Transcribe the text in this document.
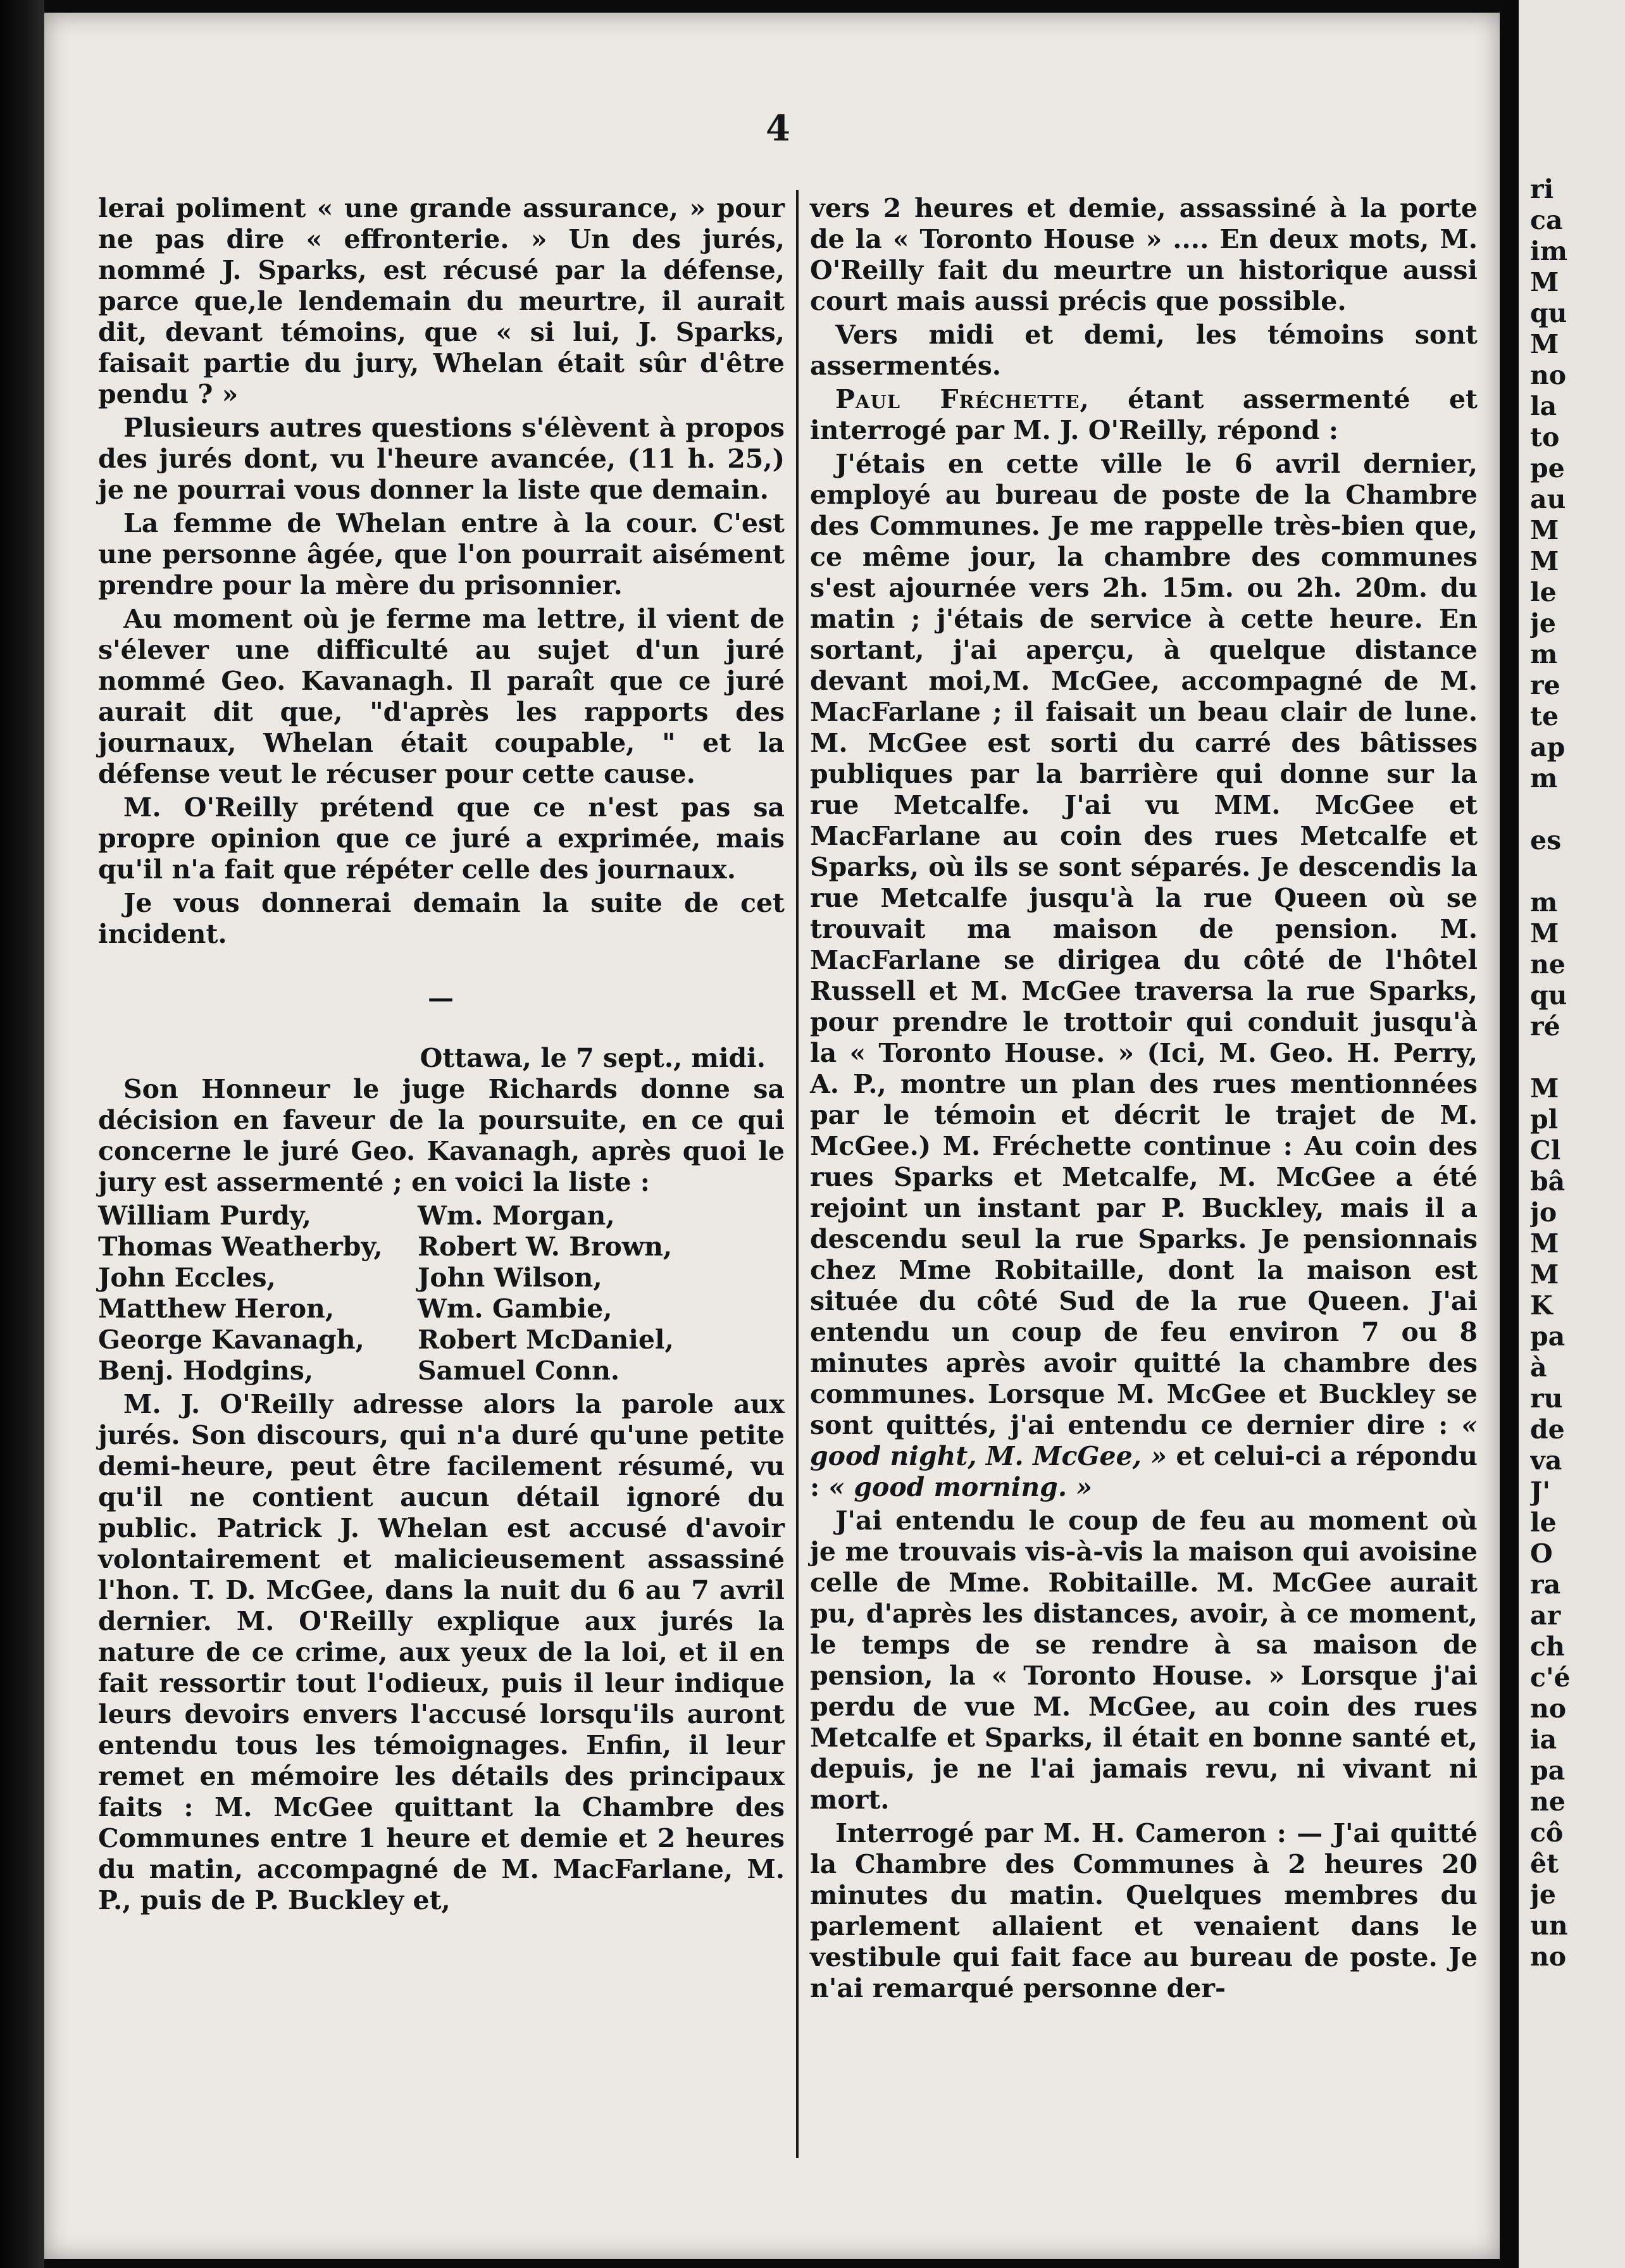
4

lerai poliment « une grande assurance, » pour ne pas dire « effronterie. » Un des jurés, nommé J. Sparks, est récusé par la défense, parce que,le lendemain du meurtre, il aurait dit, devant témoins, que « si lui, J. Sparks, faisait partie du jury, Whelan était sûr d'être pendu ? »

Plusieurs autres questions s'élèvent à propos des jurés dont, vu l'heure avancée, (11 h. 25,) je ne pourrai vous donner la liste que demain.

La femme de Whelan entre à la cour. C'est une personne âgée, que l'on pourrait aisément prendre pour la mère du prisonnier.

Au moment où je ferme ma lettre, il vient de s'élever une difficulté au sujet d'un juré nommé Geo. Kavanagh. Il paraît que ce juré aurait dit que, "d'après les rapports des journaux, Whelan était coupable, " et la défense veut le récuser pour cette cause.

M. O'Reilly prétend que ce n'est pas sa propre opinion que ce juré a exprimée, mais qu'il n'a fait que répéter celle des journaux.

Je vous donnerai demain la suite de cet incident.

—

Ottawa, le 7 sept., midi.

Son Honneur le juge Richards donne sa décision en faveur de la poursuite, en ce qui concerne le juré Geo. Kavanagh, après quoi le jury est assermenté ; en voici la liste :

William Purdy,	Wm. Morgan,
Thomas Weatherby,	Robert W. Brown,
John Eccles,	John Wilson,
Matthew Heron,	Wm. Gambie,
George Kavanagh,	Robert McDaniel,
Benj. Hodgins,	Samuel Conn.

M. J. O'Reilly adresse alors la parole aux jurés. Son discours, qui n'a duré qu'une petite demi-heure, peut être facilement résumé, vu qu'il ne contient aucun détail ignoré du public. Patrick J. Whelan est accusé d'avoir volontairement et malicieusement assassiné l'hon. T. D. McGee, dans la nuit du 6 au 7 avril dernier. M. O'Reilly explique aux jurés la nature de ce crime, aux yeux de la loi, et il en fait ressortir tout l'odieux, puis il leur indique leurs devoirs envers l'accusé lorsqu'ils auront entendu tous les témoignages. Enfin, il leur remet en mémoire les détails des principaux faits : M. McGee quittant la Chambre des Communes entre 1 heure et demie et 2 heures du matin, accompagné de M. MacFarlane, M. P., puis de P. Buckley et,

vers 2 heures et demie, assassiné à la porte de la « Toronto House » .... En deux mots, M. O'Reilly fait du meurtre un historique aussi court mais aussi précis que possible.

Vers midi et demi, les témoins sont assermentés.

Paul Fréchette, étant assermenté et interrogé par M. J. O'Reilly, répond :

J'étais en cette ville le 6 avril dernier, employé au bureau de poste de la Chambre des Communes. Je me rappelle très-bien que, ce même jour, la chambre des communes s'est ajournée vers 2h. 15m. ou 2h. 20m. du matin ; j'étais de service à cette heure. En sortant, j'ai aperçu, à quelque distance devant moi,M. McGee, accompagné de M. MacFarlane ; il faisait un beau clair de lune. M. McGee est sorti du carré des bâtisses publiques par la barrière qui donne sur la rue Metcalfe. J'ai vu MM. McGee et MacFarlane au coin des rues Metcalfe et Sparks, où ils se sont séparés. Je descendis la rue Metcalfe jusqu'à la rue Queen où se trouvait ma maison de pension. M. MacFarlane se dirigea du côté de l'hôtel Russell et M. McGee traversa la rue Sparks, pour prendre le trottoir qui conduit jusqu'à la « Toronto House. » (Ici, M. Geo. H. Perry, A. P., montre un plan des rues mentionnées par le témoin et décrit le trajet de M. McGee.) M. Fréchette continue : Au coin des rues Sparks et Metcalfe, M. McGee a été rejoint un instant par P. Buckley, mais il a descendu seul la rue Sparks. Je pensionnais chez Mme Robitaille, dont la maison est située du côté Sud de la rue Queen. J'ai entendu un coup de feu environ 7 ou 8 minutes après avoir quitté la chambre des communes. Lorsque M. McGee et Buckley se sont quittés, j'ai entendu ce dernier dire : « good night, M. McGee, » et celui-ci a répondu : « good morning. »

J'ai entendu le coup de feu au moment où je me trouvais vis-à-vis la maison qui avoisine celle de Mme. Robitaille. M. McGee aurait pu, d'après les distances, avoir, à ce moment, le temps de se rendre à sa maison de pension, la « Toronto House. » Lorsque j'ai perdu de vue M. McGee, au coin des rues Metcalfe et Sparks, il était en bonne santé et, depuis, je ne l'ai jamais revu, ni vivant ni mort.

Interrogé par M. H. Cameron : — J'ai quitté la Chambre des Communes à 2 heures 20 minutes du matin. Quelques membres du parlement allaient et venaient dans le vestibule qui fait face au bureau de poste. Je n'ai remarqué personne der-

ri
ca
im
M
qu
M
no
la
to
pe
au
M
M
le
je
m
re
te
ap
m
es
m
M
ne
qu
ré
M
pl
Cl
bâ
jo
M
M
K
pa
à
ru
de
va
J'
le
O
ra
ar
ch
c'é
no
ia
pa
ne
cô
êt
je
un
no
